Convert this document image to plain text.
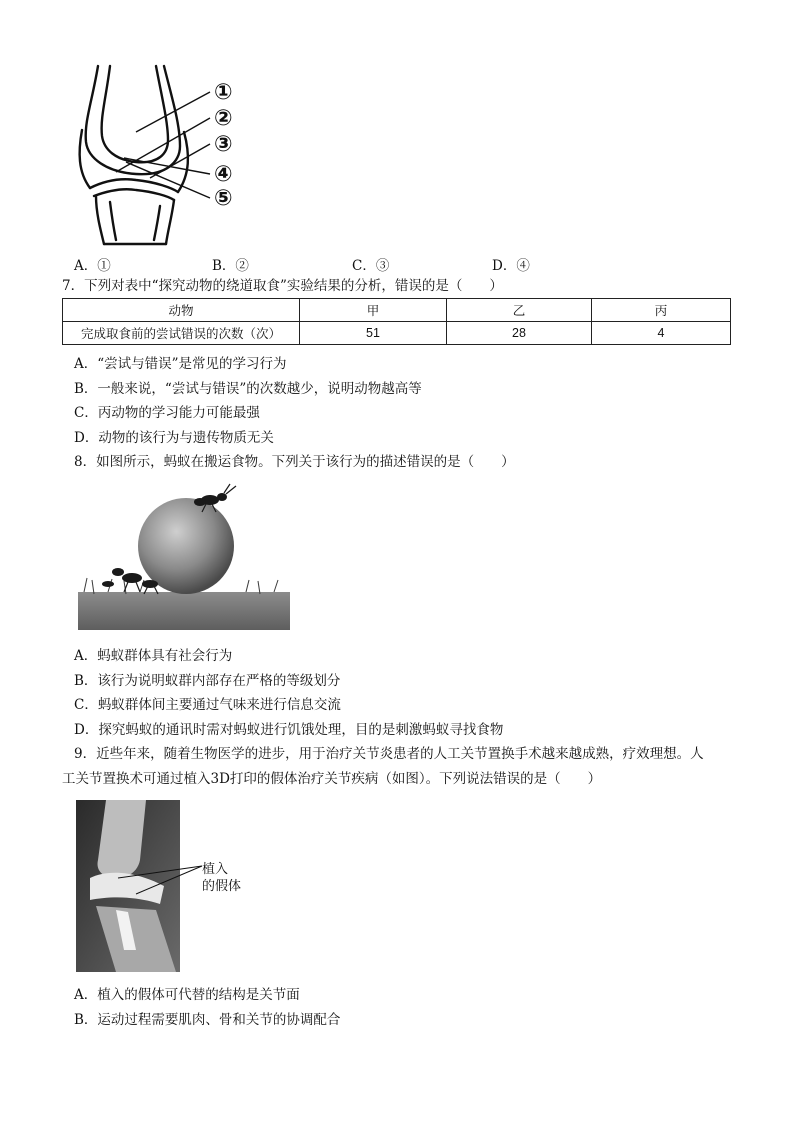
①
②
③
④
⑤
A．①	B．②	C．③	D．④
7．下列对表中“探究动物的绕道取食”实验结果的分析，错误的是（　　）
动物	甲	乙	丙
完成取食前的尝试错误的次数（次）	51	28	4
A．“尝试与错误”是常见的学习行为
B．一般来说，“尝试与错误”的次数越少，说明动物越高等
C．丙动物的学习能力可能最强
D．动物的该行为与遗传物质无关
8．如图所示，蚂蚁在搬运食物。下列关于该行为的描述错误的是（　　）
A．蚂蚁群体具有社会行为
B．该行为说明蚁群内部存在严格的等级划分
C．蚂蚁群体间主要通过气味来进行信息交流
D．探究蚂蚁的通讯时需对蚂蚁进行饥饿处理，目的是刺激蚂蚁寻找食物
9．近些年来，随着生物医学的进步，用于治疗关节炎患者的人工关节置换手术越来越成熟，疗效理想。人
工关节置换术可通过植入3D打印的假体治疗关节疾病（如图）。下列说法错误的是（　　）
植入
的假体
A．植入的假体可代替的结构是关节面
B．运动过程需要肌肉、骨和关节的协调配合
